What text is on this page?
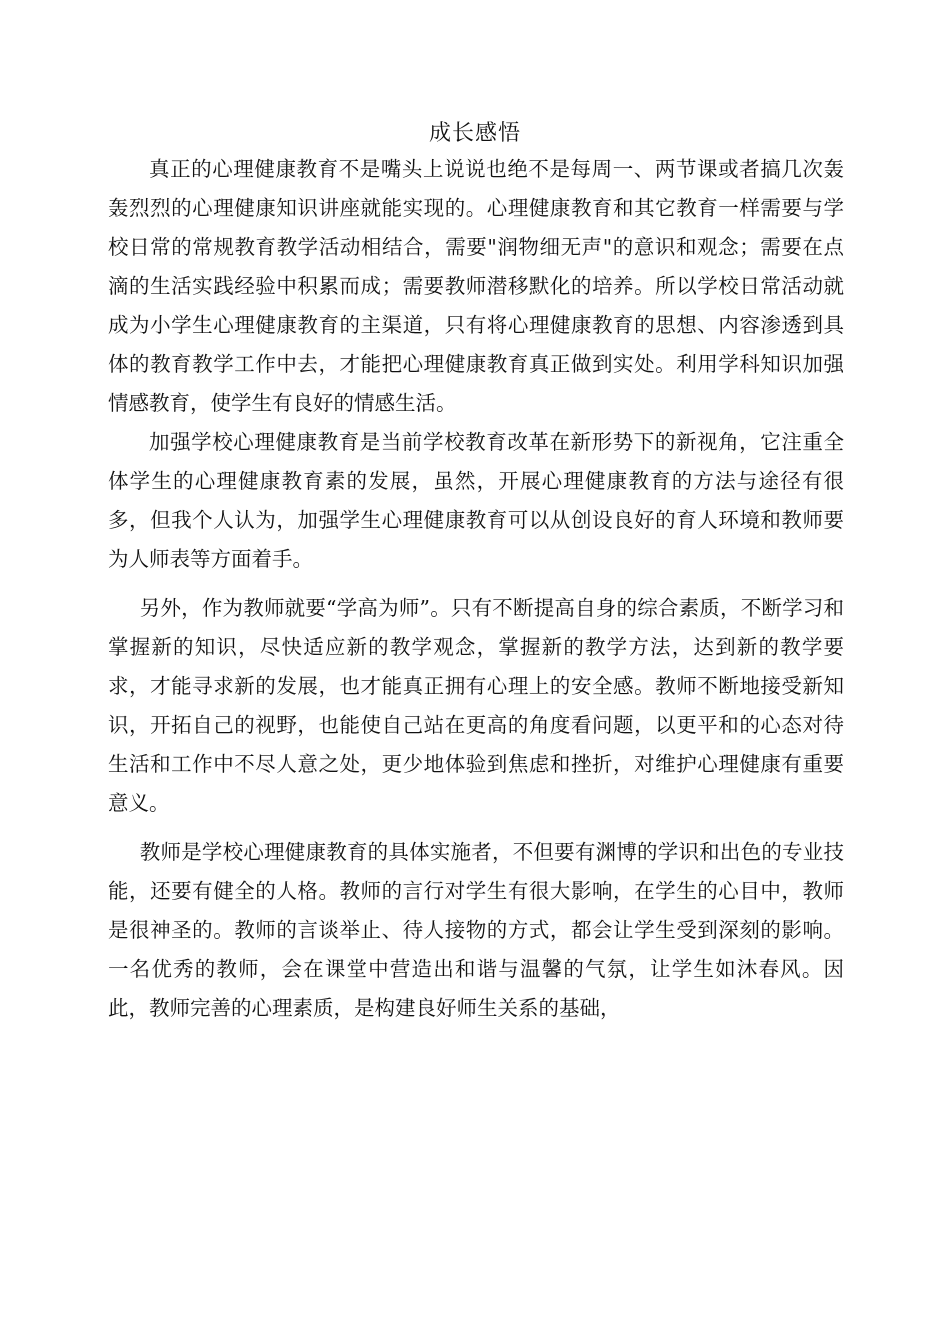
成长感悟

真正的心理健康教育不是嘴头上说说也绝不是每周一、两节课或者搞几次轰轰烈烈的心理健康知识讲座就能实现的。心理健康教育和其它教育一样需要与学校日常的常规教育教学活动相结合，需要"润物细无声"的意识和观念；需要在点滴的生活实践经验中积累而成；需要教师潜移默化的培养。所以学校日常活动就成为小学生心理健康教育的主渠道，只有将心理健康教育的思想、内容渗透到具体的教育教学工作中去，才能把心理健康教育真正做到实处。利用学科知识加强情感教育，使学生有良好的情感生活。

加强学校心理健康教育是当前学校教育改革在新形势下的新视角，它注重全体学生的心理健康教育素的发展，虽然，开展心理健康教育的方法与途径有很多，但我个人认为，加强学生心理健康教育可以从创设良好的育人环境和教师要为人师表等方面着手。

另外，作为教师就要“学高为师”。只有不断提高自身的综合素质，不断学习和掌握新的知识，尽快适应新的教学观念，掌握新的教学方法，达到新的教学要求，才能寻求新的发展，也才能真正拥有心理上的安全感。教师不断地接受新知识，开拓自己的视野，也能使自己站在更高的角度看问题，以更平和的心态对待生活和工作中不尽人意之处，更少地体验到焦虑和挫折，对维护心理健康有重要意义。

教师是学校心理健康教育的具体实施者，不但要有渊博的学识和出色的专业技能，还要有健全的人格。教师的言行对学生有很大影响，在学生的心目中，教师是很神圣的。教师的言谈举止、待人接物的方式，都会让学生受到深刻的影响。一名优秀的教师，会在课堂中营造出和谐与温馨的气氛，让学生如沐春风。因此，教师完善的心理素质，是构建良好师生关系的基础，
